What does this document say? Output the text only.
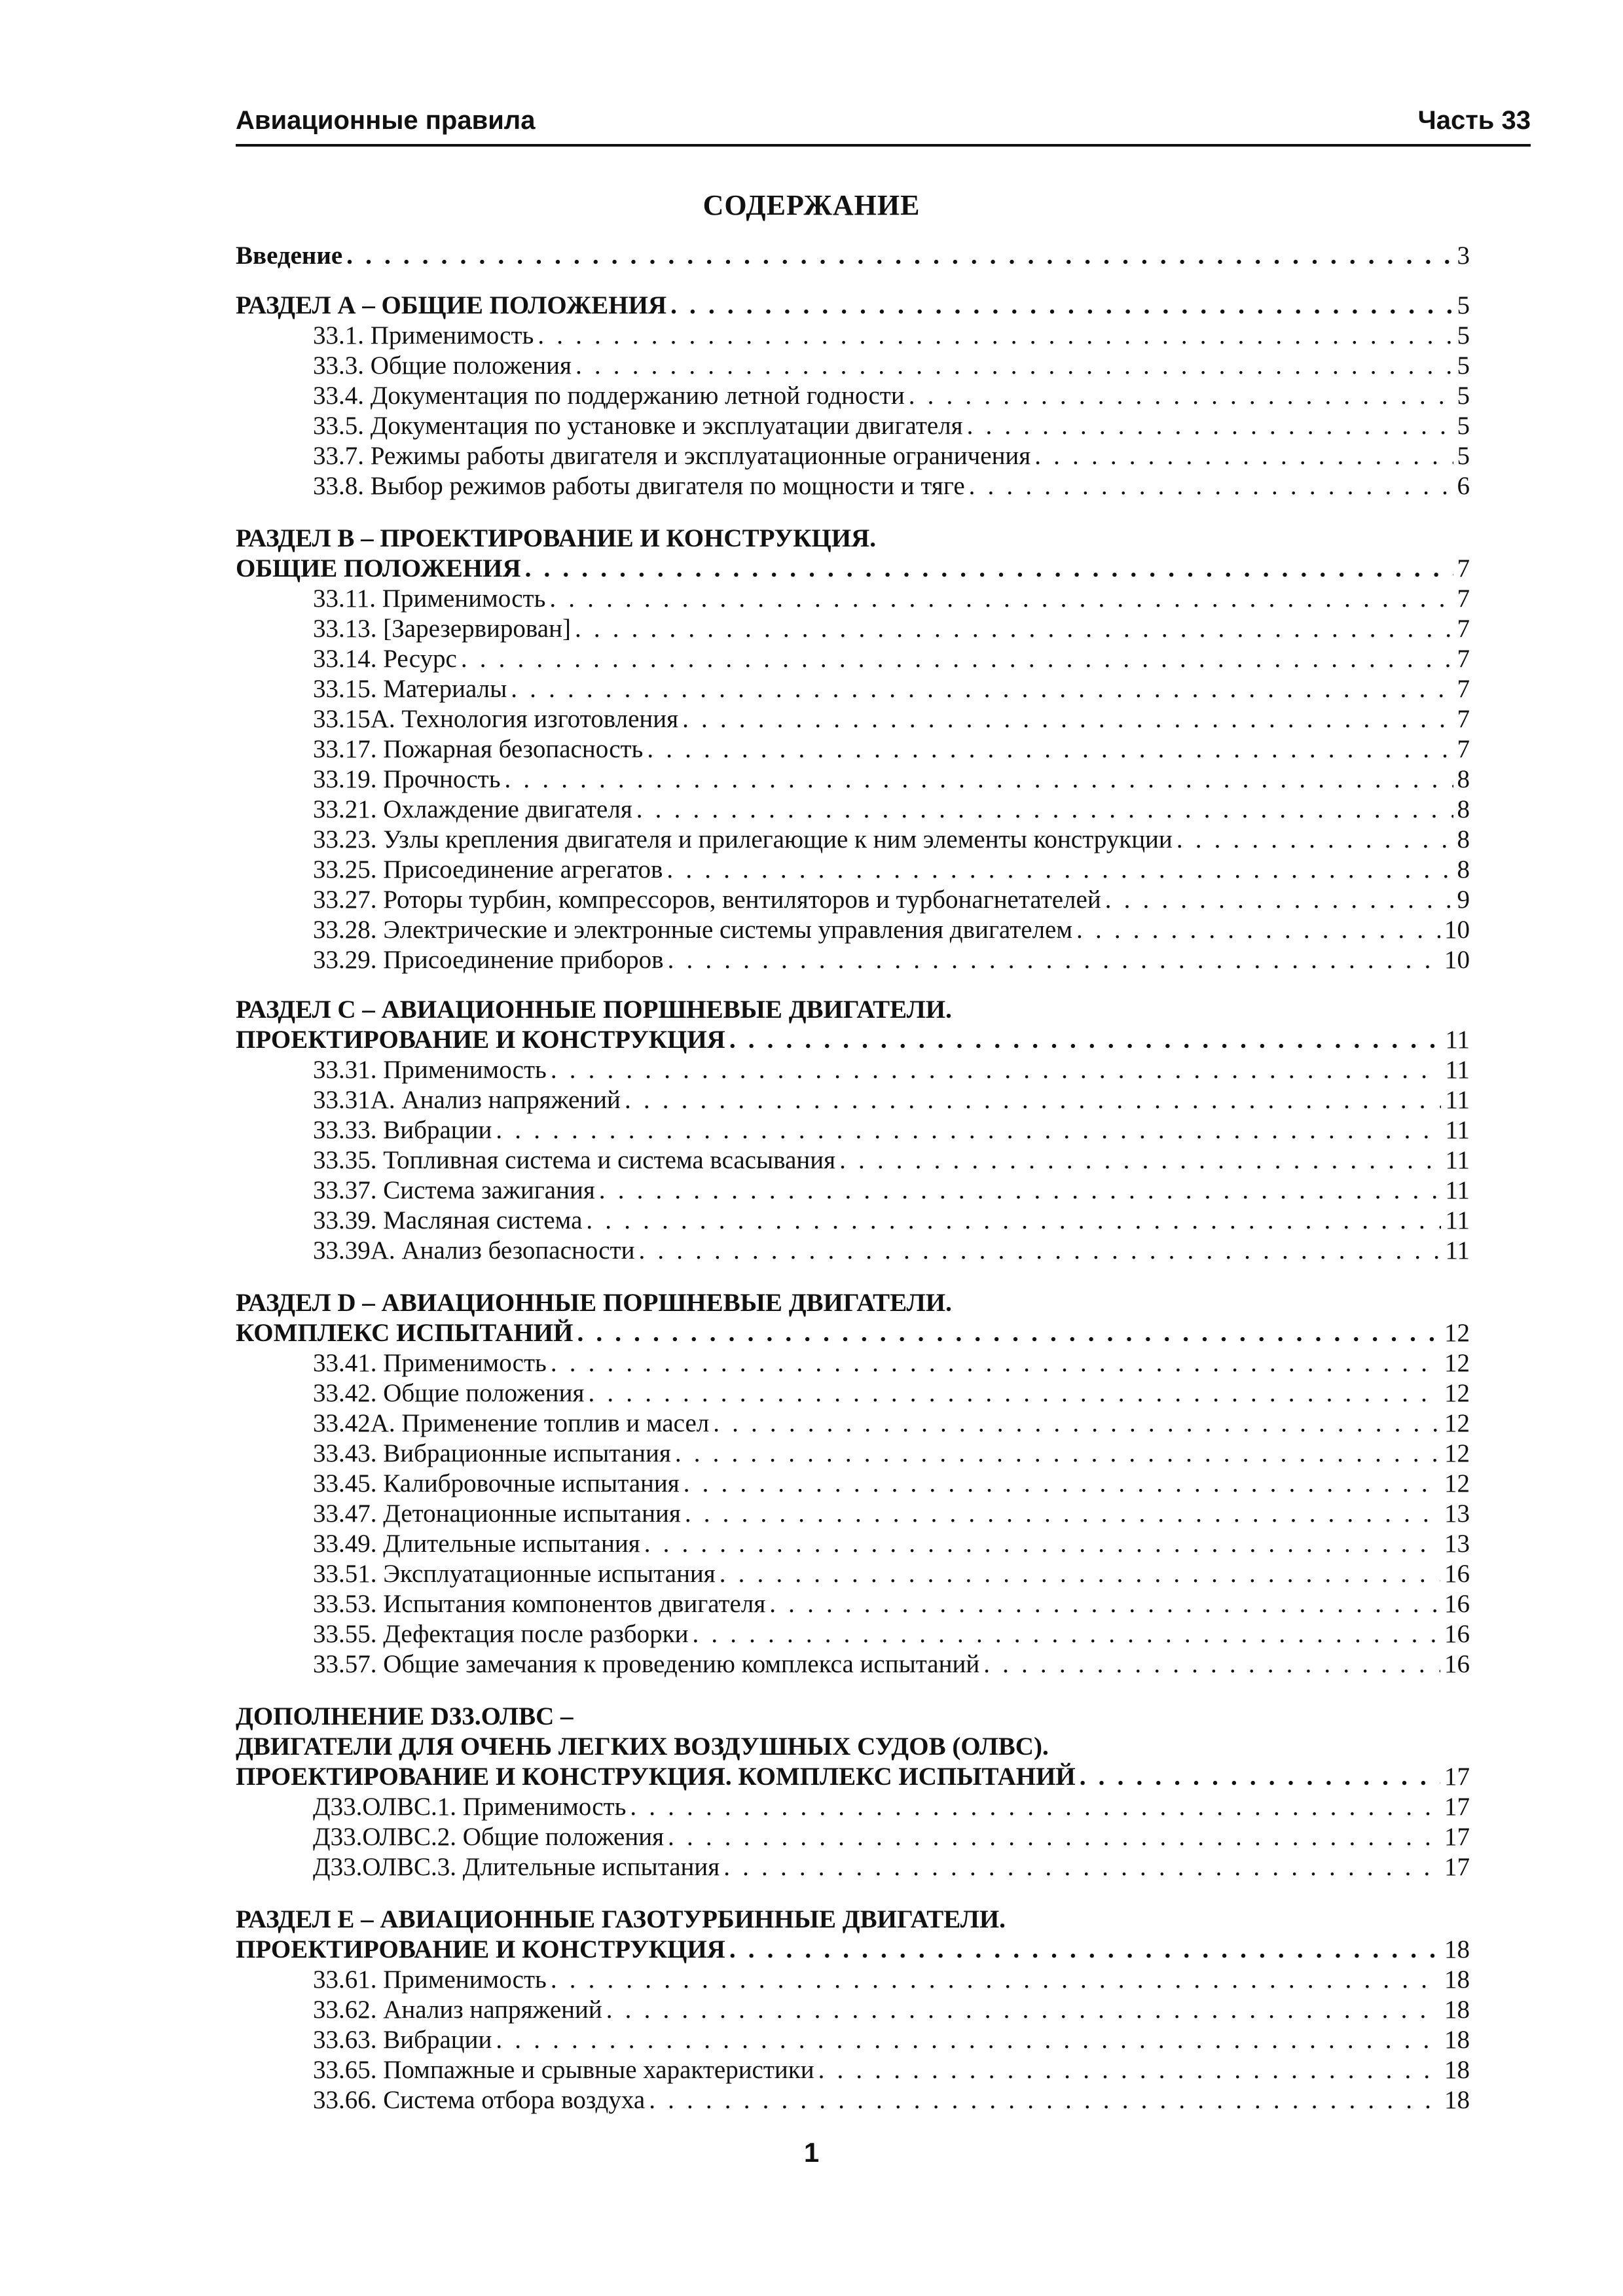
Авиационные правила	Часть 33
СОДЕРЖАНИЕ
Введение . . .	3
РАЗДЕЛ А – ОБЩИЕ ПОЛОЖЕНИЯ . . .	5
33.1. Применимость . . .	5
33.3. Общие положения . . .	5
33.4. Документация по поддержанию летной годности . . .	5
33.5. Документация по установке и эксплуатации двигателя . . .	5
33.7. Режимы работы двигателя и эксплуатационные ограничения . . .	5
33.8. Выбор режимов работы двигателя по мощности и тяге . . .	6
РАЗДЕЛ В – ПРОЕКТИРОВАНИЕ И КОНСТРУКЦИЯ.
ОБЩИЕ ПОЛОЖЕНИЯ . . .	7
33.11. Применимость . . .	7
33.13. [Зарезервирован] . . .	7
33.14. Ресурс . . .	7
33.15. Материалы . . .	7
33.15А. Технология изготовления . . .	7
33.17. Пожарная безопасность . . .	7
33.19. Прочность . . .	8
33.21. Охлаждение двигателя . . .	8
33.23. Узлы крепления двигателя и прилегающие к ним элементы конструкции . . .	8
33.25. Присоединение агрегатов . . .	8
33.27. Роторы турбин, компрессоров, вентиляторов и турбонагнетателей . . .	9
33.28. Электрические и электронные системы управления двигателем . . .	10
33.29. Присоединение приборов . . .	10
РАЗДЕЛ С – АВИАЦИОННЫЕ ПОРШНЕВЫЕ ДВИГАТЕЛИ.
ПРОЕКТИРОВАНИЕ И КОНСТРУКЦИЯ . . .	11
33.31. Применимость . . .	11
33.31А. Анализ напряжений . . .	11
33.33. Вибрации . . .	11
33.35. Топливная система и система всасывания . . .	11
33.37. Система зажигания . . .	11
33.39. Масляная система . . .	11
33.39А. Анализ безопасности . . .	11
РАЗДЕЛ D – АВИАЦИОННЫЕ ПОРШНЕВЫЕ ДВИГАТЕЛИ.
КОМПЛЕКС ИСПЫТАНИЙ . . .	12
33.41. Применимость . . .	12
33.42. Общие положения . . .	12
33.42А. Применение топлив и масел . . .	12
33.43. Вибрационные испытания . . .	12
33.45. Калибровочные испытания . . .	12
33.47. Детонационные испытания . . .	13
33.49. Длительные испытания . . .	13
33.51. Эксплуатационные испытания . . .	16
33.53. Испытания компонентов двигателя . . .	16
33.55. Дефектация после разборки . . .	16
33.57. Общие замечания к проведению комплекса испытаний . . .	16
ДОПОЛНЕНИЕ D33.ОЛВС –
ДВИГАТЕЛИ ДЛЯ ОЧЕНЬ ЛЕГКИХ ВОЗДУШНЫХ СУДОВ (ОЛВС).
ПРОЕКТИРОВАНИЕ И КОНСТРУКЦИЯ. КОМПЛЕКС ИСПЫТАНИЙ . . .	17
Д33.ОЛВС.1. Применимость . . .	17
Д33.ОЛВС.2. Общие положения . . .	17
Д33.ОЛВС.3. Длительные испытания . . .	17
РАЗДЕЛ Е – АВИАЦИОННЫЕ ГАЗОТУРБИННЫЕ ДВИГАТЕЛИ.
ПРОЕКТИРОВАНИЕ И КОНСТРУКЦИЯ . . .	18
33.61. Применимость . . .	18
33.62. Анализ напряжений . . .	18
33.63. Вибрации . . .	18
33.65. Помпажные и срывные характеристики . . .	18
33.66. Система отбора воздуха . . .	18
1
